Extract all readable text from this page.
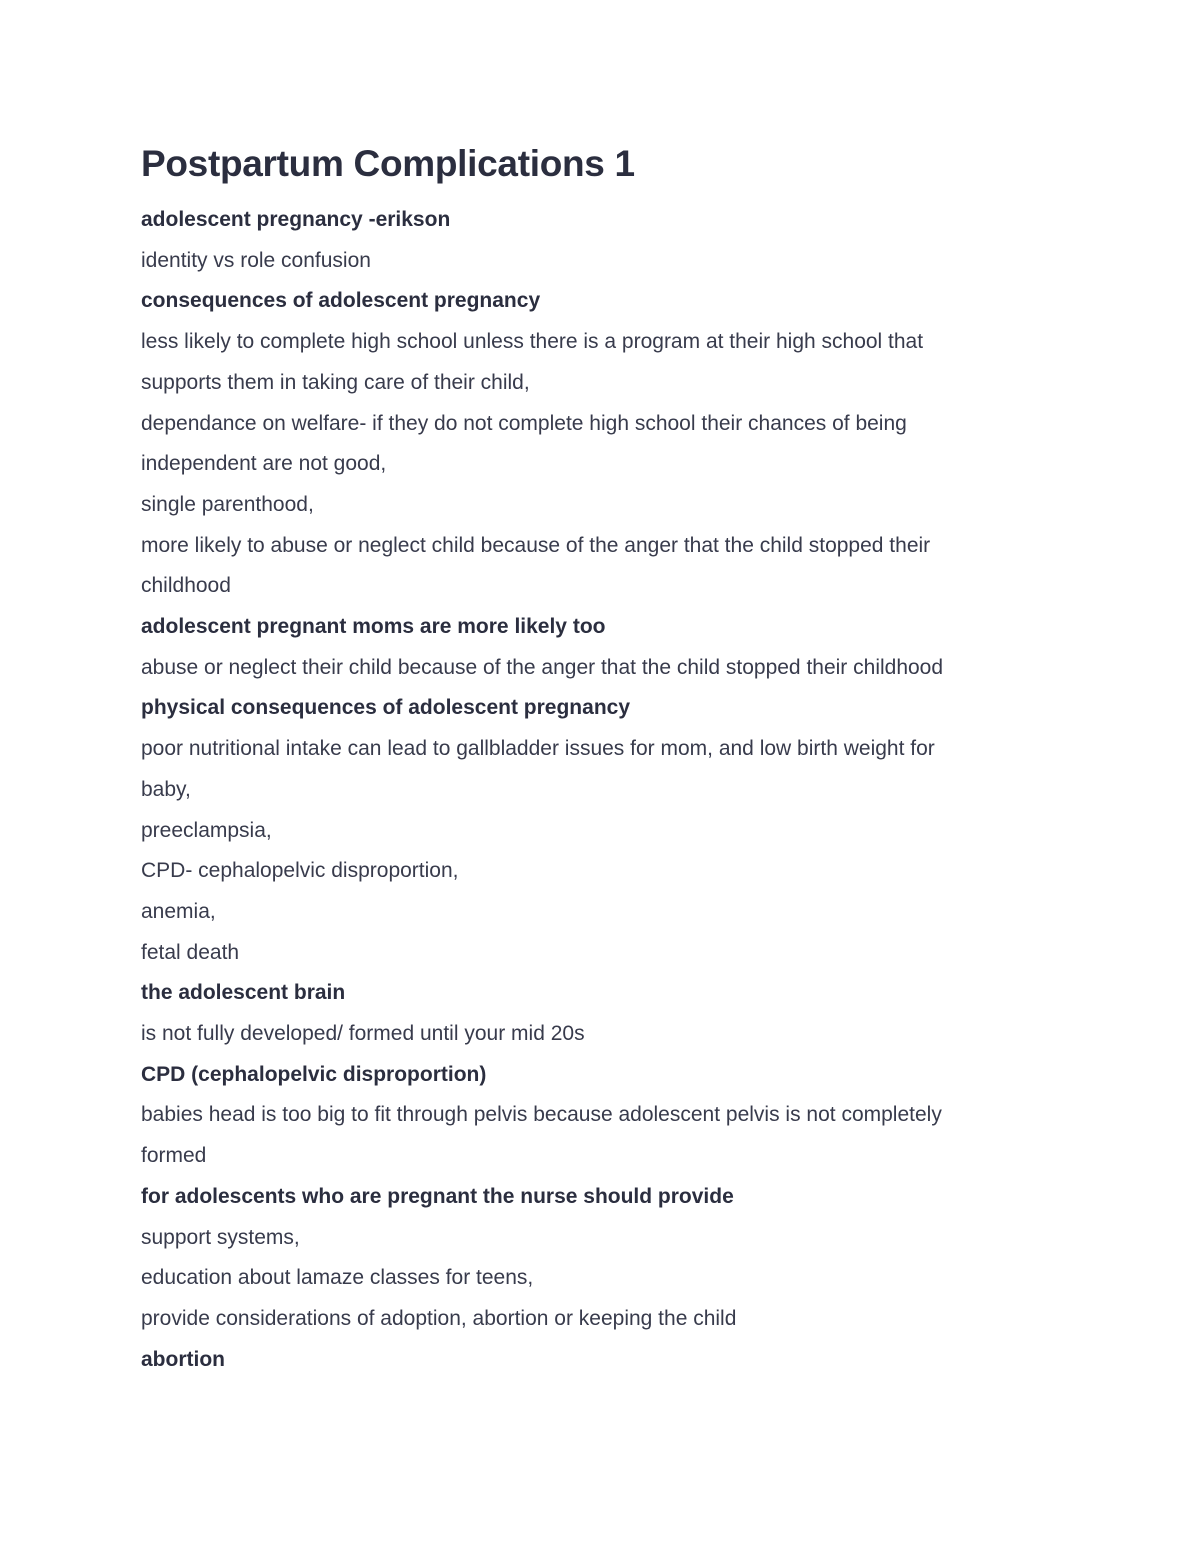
Postpartum Complications 1
adolescent pregnancy -erikson
identity vs role confusion
consequences of adolescent pregnancy
less likely to complete high school unless there is a program at their high school that
supports them in taking care of their child,
dependance on welfare- if they do not complete high school their chances of being
independent are not good,
single parenthood,
more likely to abuse or neglect child because of the anger that the child stopped their
childhood
adolescent pregnant moms are more likely too
abuse or neglect their child because of the anger that the child stopped their childhood
physical consequences of adolescent pregnancy
poor nutritional intake can lead to gallbladder issues for mom, and low birth weight for
baby,
preeclampsia,
CPD- cephalopelvic disproportion,
anemia,
fetal death
the adolescent brain
is not fully developed/ formed until your mid 20s
CPD (cephalopelvic disproportion)
babies head is too big to fit through pelvis because adolescent pelvis is not completely
formed
for adolescents who are pregnant the nurse should provide
support systems,
education about lamaze classes for teens,
provide considerations of adoption, abortion or keeping the child
abortion
